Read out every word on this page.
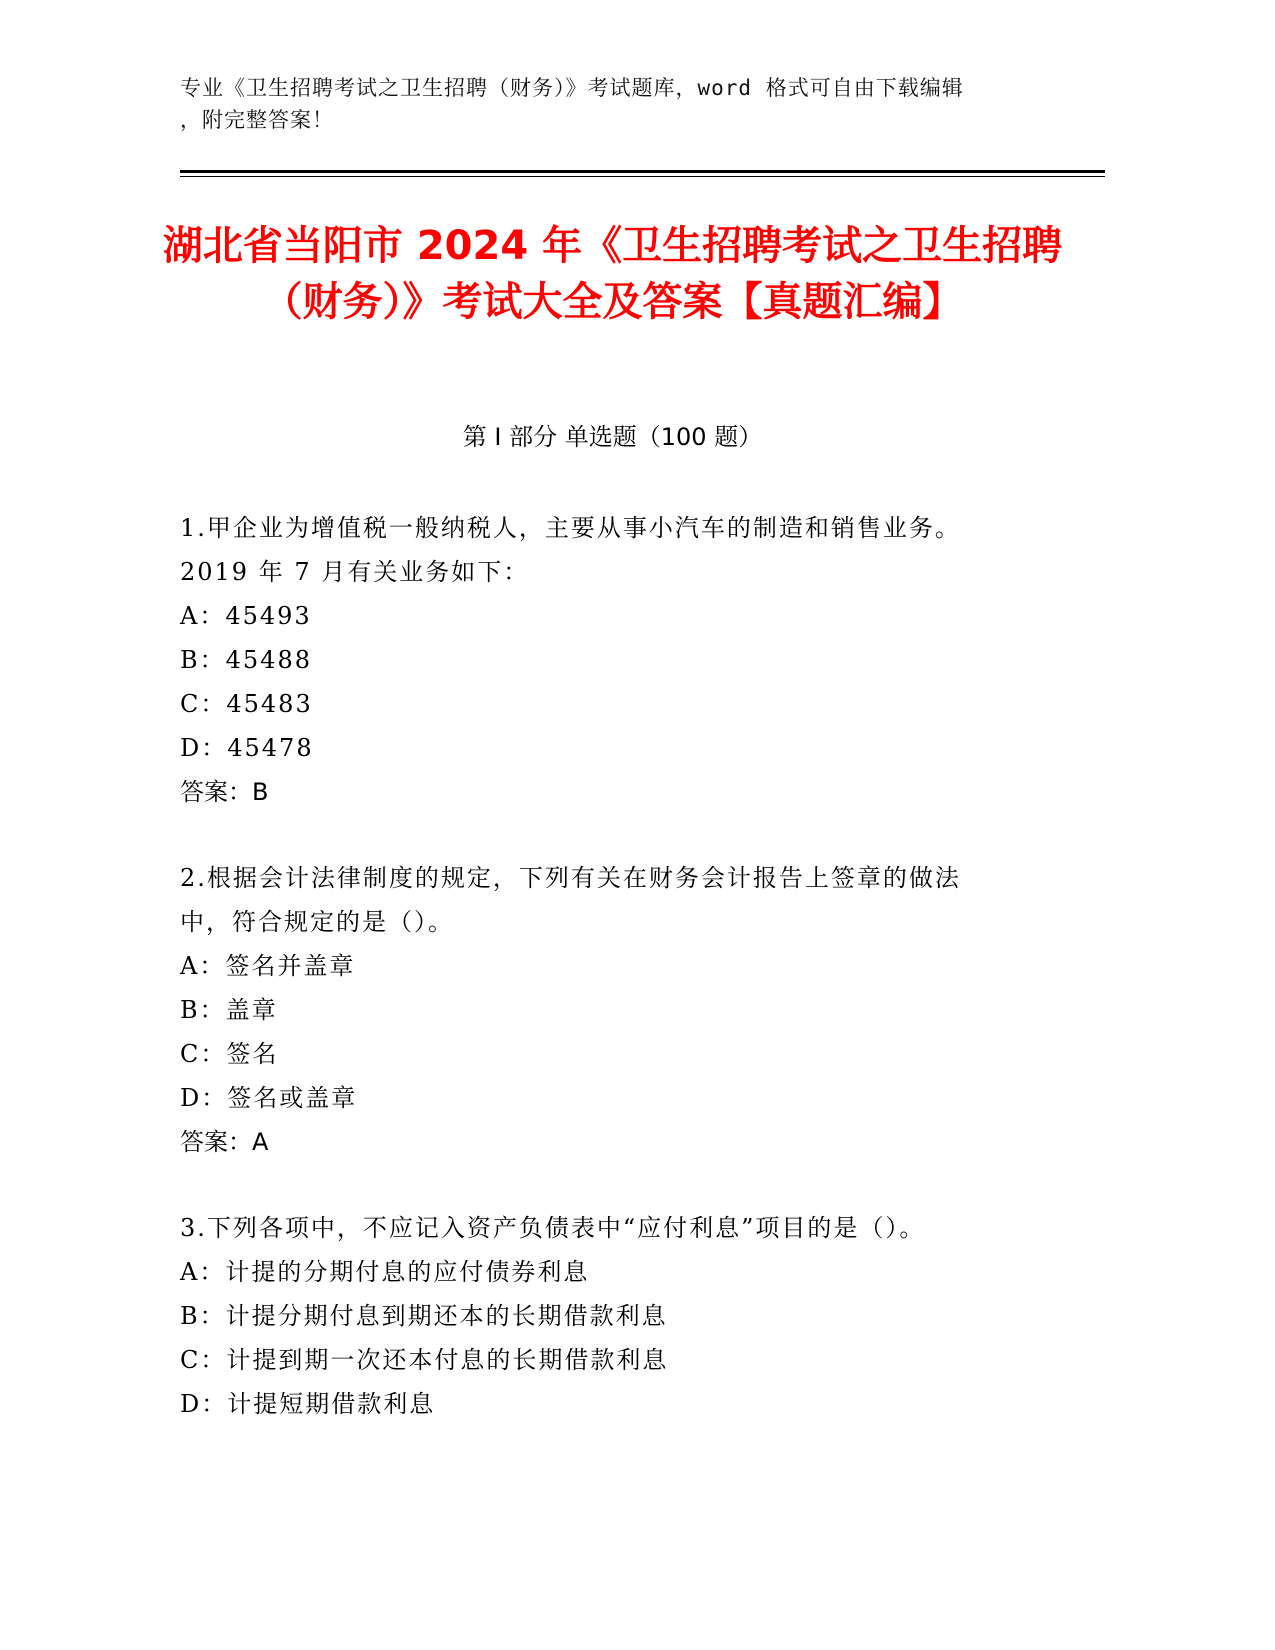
专业《卫生招聘考试之卫生招聘（财务）》考试题库，word 格式可自由下载编辑
，附完整答案！
湖北省当阳市 2024 年《卫生招聘考试之卫生招聘（财务）》考试大全及答案【真题汇编】
第 I 部分 单选题（100 题）
1.甲企业为增值税一般纳税人，主要从事小汽车的制造和销售业务。
2019 年 7 月有关业务如下：
A：45493
B：45488
C：45483
D：45478
答案：B
2.根据会计法律制度的规定，下列有关在财务会计报告上签章的做法
中，符合规定的是（）。
A：签名并盖章
B：盖章
C：签名
D：签名或盖章
答案：A
3.下列各项中，不应记入资产负债表中“应付利息”项目的是（）。
A：计提的分期付息的应付债券利息
B：计提分期付息到期还本的长期借款利息
C：计提到期一次还本付息的长期借款利息
D：计提短期借款利息
